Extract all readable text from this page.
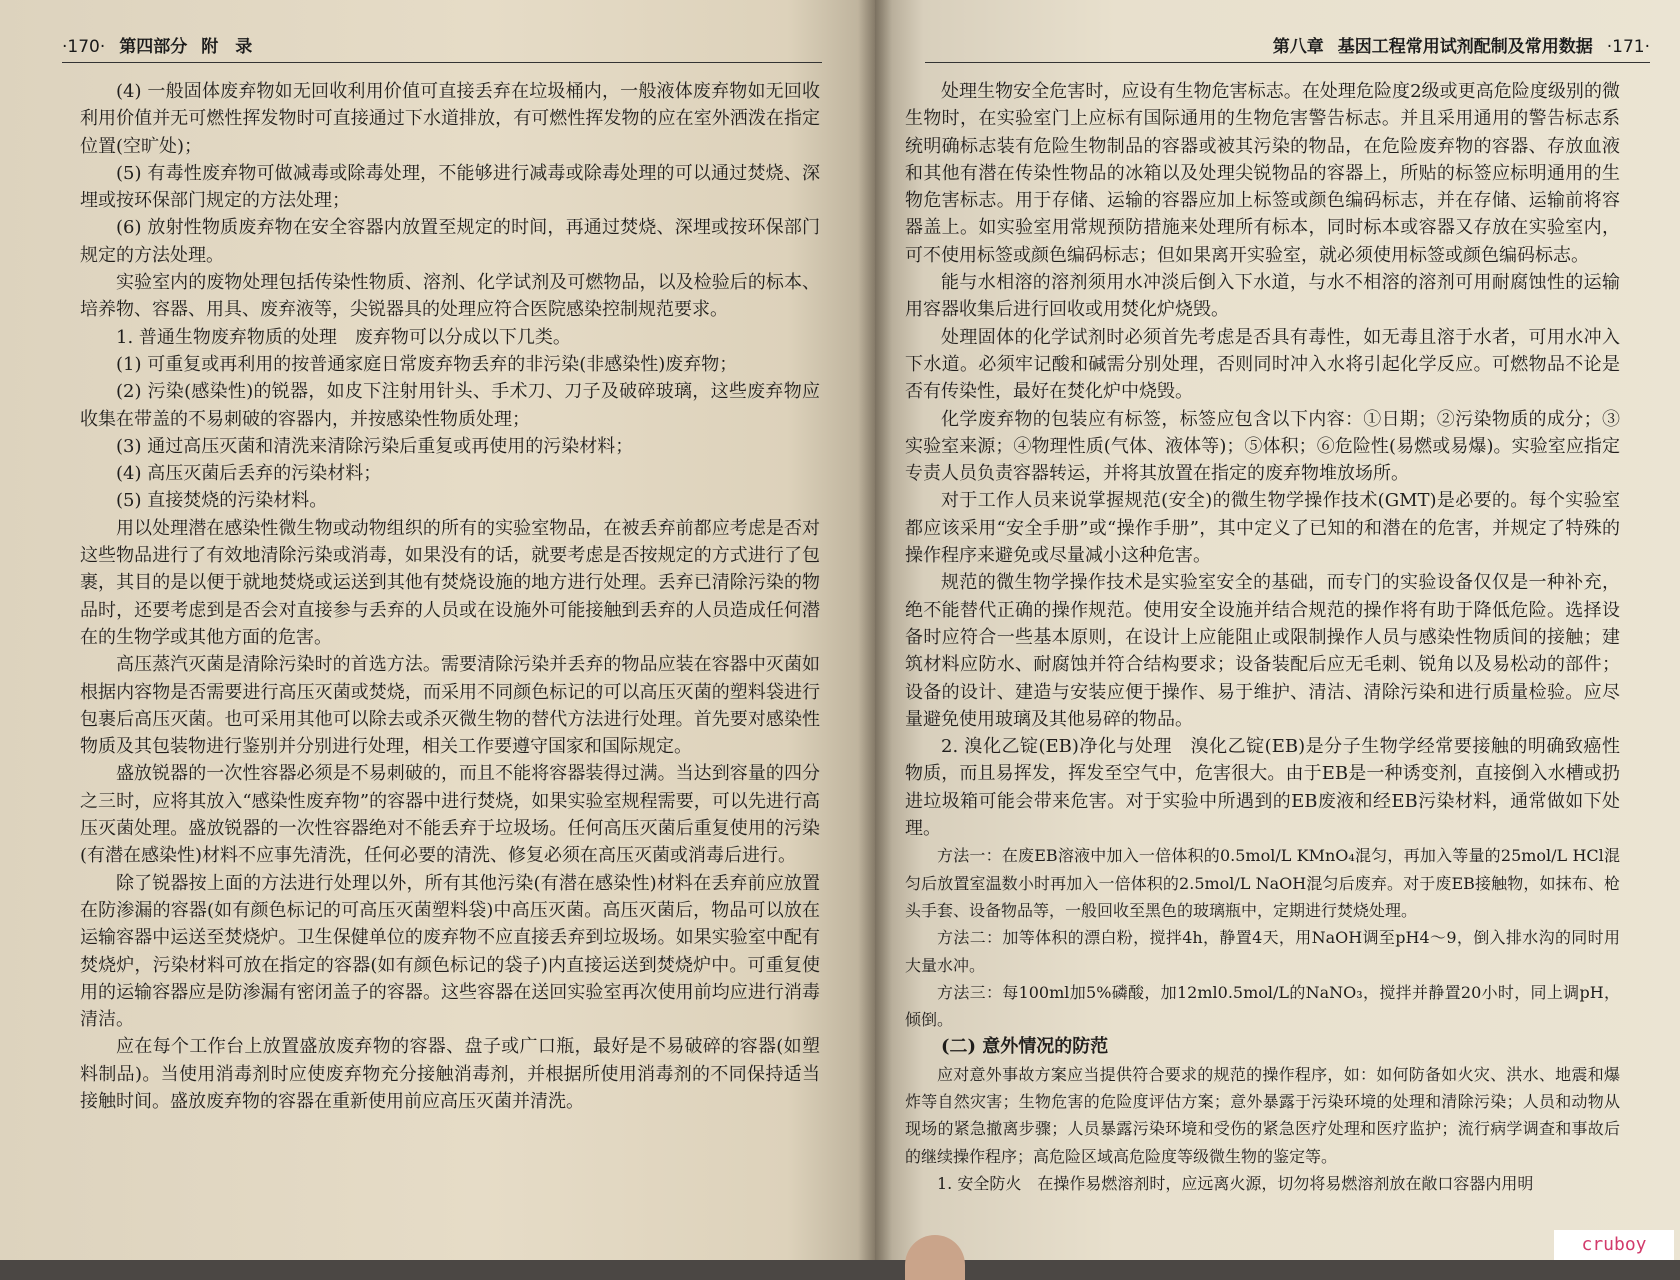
·170· 第四部分 附　录

(4) 一般固体废弃物如无回收利用价值可直接丢弃在垃圾桶内，一般液体废弃物如无回收利用价值并无可燃性挥发物时可直接通过下水道排放，有可燃性挥发物的应在室外洒泼在指定位置(空旷处)；

(5) 有毒性废弃物可做减毒或除毒处理，不能够进行减毒或除毒处理的可以通过焚烧、深埋或按环保部门规定的方法处理；

(6) 放射性物质废弃物在安全容器内放置至规定的时间，再通过焚烧、深埋或按环保部门规定的方法处理。

实验室内的废物处理包括传染性物质、溶剂、化学试剂及可燃物品，以及检验后的标本、培养物、容器、用具、废弃液等，尖锐器具的处理应符合医院感染控制规范要求。

1. 普通生物废弃物质的处理　废弃物可以分成以下几类。

(1) 可重复或再利用的按普通家庭日常废弃物丢弃的非污染(非感染性)废弃物；

(2) 污染(感染性)的锐器，如皮下注射用针头、手术刀、刀子及破碎玻璃，这些废弃物应收集在带盖的不易刺破的容器内，并按感染性物质处理；

(3) 通过高压灭菌和清洗来清除污染后重复或再使用的污染材料；

(4) 高压灭菌后丢弃的污染材料；

(5) 直接焚烧的污染材料。

用以处理潜在感染性微生物或动物组织的所有的实验室物品，在被丢弃前都应考虑是否对这些物品进行了有效地清除污染或消毒，如果没有的话，就要考虑是否按规定的方式进行了包裹，其目的是以便于就地焚烧或运送到其他有焚烧设施的地方进行处理。丢弃已清除污染的物品时，还要考虑到是否会对直接参与丢弃的人员或在设施外可能接触到丢弃的人员造成任何潜在的生物学或其他方面的危害。

高压蒸汽灭菌是清除污染时的首选方法。需要清除污染并丢弃的物品应装在容器中灭菌如根据内容物是否需要进行高压灭菌或焚烧，而采用不同颜色标记的可以高压灭菌的塑料袋进行包裹后高压灭菌。也可采用其他可以除去或杀灭微生物的替代方法进行处理。首先要对感染性物质及其包装物进行鉴别并分别进行处理，相关工作要遵守国家和国际规定。

盛放锐器的一次性容器必须是不易刺破的，而且不能将容器装得过满。当达到容量的四分之三时，应将其放入“感染性废弃物”的容器中进行焚烧，如果实验室规程需要，可以先进行高压灭菌处理。盛放锐器的一次性容器绝对不能丢弃于垃圾场。任何高压灭菌后重复使用的污染(有潜在感染性)材料不应事先清洗，任何必要的清洗、修复必须在高压灭菌或消毒后进行。

除了锐器按上面的方法进行处理以外，所有其他污染(有潜在感染性)材料在丢弃前应放置在防渗漏的容器(如有颜色标记的可高压灭菌塑料袋)中高压灭菌。高压灭菌后，物品可以放在运输容器中运送至焚烧炉。卫生保健单位的废弃物不应直接丢弃到垃圾场。如果实验室中配有焚烧炉，污染材料可放在指定的容器(如有颜色标记的袋子)内直接运送到焚烧炉中。可重复使用的运输容器应是防渗漏有密闭盖子的容器。这些容器在送回实验室再次使用前均应进行消毒清洁。

应在每个工作台上放置盛放废弃物的容器、盘子或广口瓶，最好是不易破碎的容器(如塑料制品)。当使用消毒剂时应使废弃物充分接触消毒剂，并根据所使用消毒剂的不同保持适当接触时间。盛放废弃物的容器在重新使用前应高压灭菌并清洗。

第八章 基因工程常用试剂配制及常用数据 ·171·

处理生物安全危害时，应设有生物危害标志。在处理危险度2级或更高危险度级别的微生物时，在实验室门上应标有国际通用的生物危害警告标志。并且采用通用的警告标志系统明确标志装有危险生物制品的容器或被其污染的物品，在危险废弃物的容器、存放血液和其他有潜在传染性物品的冰箱以及处理尖锐物品的容器上，所贴的标签应标明通用的生物危害标志。用于存储、运输的容器应加上标签或颜色编码标志，并在存储、运输前将容器盖上。如实验室用常规预防措施来处理所有标本，同时标本或容器又存放在实验室内，可不使用标签或颜色编码标志；但如果离开实验室，就必须使用标签或颜色编码标志。

能与水相溶的溶剂须用水冲淡后倒入下水道，与水不相溶的溶剂可用耐腐蚀性的运输用容器收集后进行回收或用焚化炉烧毁。

处理固体的化学试剂时必须首先考虑是否具有毒性，如无毒且溶于水者，可用水冲入下水道。必须牢记酸和碱需分别处理，否则同时冲入水将引起化学反应。可燃物品不论是否有传染性，最好在焚化炉中烧毁。

化学废弃物的包装应有标签，标签应包含以下内容：①日期；②污染物质的成分；③实验室来源；④物理性质(气体、液体等)；⑤体积；⑥危险性(易燃或易爆)。实验室应指定专责人员负责容器转运，并将其放置在指定的废弃物堆放场所。

对于工作人员来说掌握规范(安全)的微生物学操作技术(GMT)是必要的。每个实验室都应该采用“安全手册”或“操作手册”，其中定义了已知的和潜在的危害，并规定了特殊的操作程序来避免或尽量减小这种危害。

规范的微生物学操作技术是实验室安全的基础，而专门的实验设备仅仅是一种补充，绝不能替代正确的操作规范。使用安全设施并结合规范的操作将有助于降低危险。选择设备时应符合一些基本原则，在设计上应能阻止或限制操作人员与感染性物质间的接触；建筑材料应防水、耐腐蚀并符合结构要求；设备装配后应无毛刺、锐角以及易松动的部件；设备的设计、建造与安装应便于操作、易于维护、清洁、清除污染和进行质量检验。应尽量避免使用玻璃及其他易碎的物品。

2. 溴化乙锭(EB)净化与处理　溴化乙锭(EB)是分子生物学经常要接触的明确致癌性物质，而且易挥发，挥发至空气中，危害很大。由于EB是一种诱变剂，直接倒入水槽或扔进垃圾箱可能会带来危害。对于实验中所遇到的EB废液和经EB污染材料，通常做如下处理。

方法一：在废EB溶液中加入一倍体积的0.5mol/L KMnO₄混匀，再加入等量的25mol/L HCl混匀后放置室温数小时再加入一倍体积的2.5mol/L NaOH混匀后废弃。对于废EB接触物，如抹布、枪头手套、设备物品等，一般回收至黑色的玻璃瓶中，定期进行焚烧处理。

方法二：加等体积的漂白粉，搅拌4h，静置4天，用NaOH调至pH4～9，倒入排水沟的同时用大量水冲。

方法三：每100ml加5%磷酸，加12ml0.5mol/L的NaNO₃，搅拌并静置20小时，同上调pH，倾倒。

(二) 意外情况的防范

应对意外事故方案应当提供符合要求的规范的操作程序，如：如何防备如火灾、洪水、地震和爆炸等自然灾害；生物危害的危险度评估方案；意外暴露于污染环境的处理和清除污染；人员和动物从现场的紧急撤离步骤；人员暴露污染环境和受伤的紧急医疗处理和医疗监护；流行病学调查和事故后的继续操作程序；高危险区域高危险度等级微生物的鉴定等。

1. 安全防火　在操作易燃溶剂时，应远离火源，切勿将易燃溶剂放在敞口容器内用明

cruboy
